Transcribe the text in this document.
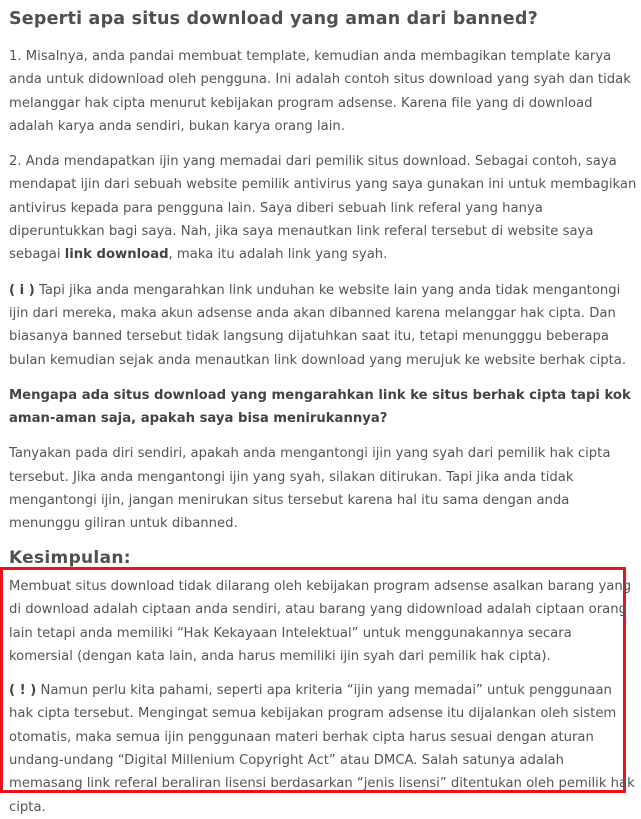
Seperti apa situs download yang aman dari banned?

1. Misalnya, anda pandai membuat template, kemudian anda membagikan template karya anda untuk didownload oleh pengguna. Ini adalah contoh situs download yang syah dan tidak melanggar hak cipta menurut kebijakan program adsense. Karena file yang di download adalah karya anda sendiri, bukan karya orang lain.

2. Anda mendapatkan ijin yang memadai dari pemilik situs download. Sebagai contoh, saya mendapat ijin dari sebuah website pemilik antivirus yang saya gunakan ini untuk membagikan antivirus kepada para pengguna lain. Saya diberi sebuah link referal yang hanya diperuntukkan bagi saya. Nah, jika saya menautkan link referal tersebut di website saya sebagai link download, maka itu adalah link yang syah.

( i ) Tapi jika anda mengarahkan link unduhan ke website lain yang anda tidak mengantongi ijin dari mereka, maka akun adsense anda akan dibanned karena melanggar hak cipta. Dan biasanya banned tersebut tidak langsung dijatuhkan saat itu, tetapi menungggu beberapa bulan kemudian sejak anda menautkan link download yang merujuk ke website berhak cipta.

Mengapa ada situs download yang mengarahkan link ke situs berhak cipta tapi kok aman-aman saja, apakah saya bisa menirukannya?

Tanyakan pada diri sendiri, apakah anda mengantongi ijin yang syah dari pemilik hak cipta tersebut. Jika anda mengantongi ijin yang syah, silakan ditirukan. Tapi jika anda tidak mengantongi ijin, jangan menirukan situs tersebut karena hal itu sama dengan anda menunggu giliran untuk dibanned.

Kesimpulan:

Membuat situs download tidak dilarang oleh kebijakan program adsense asalkan barang yang di download adalah ciptaan anda sendiri, atau barang yang didownload adalah ciptaan orang lain tetapi anda memiliki “Hak Kekayaan Intelektual” untuk menggunakannya secara komersial (dengan kata lain, anda harus memiliki ijin syah dari pemilik hak cipta).

( ! ) Namun perlu kita pahami, seperti apa kriteria “ijin yang memadai” untuk penggunaan hak cipta tersebut. Mengingat semua kebijakan program adsense itu dijalankan oleh sistem otomatis, maka semua ijin penggunaan materi berhak cipta harus sesuai dengan aturan undang-undang “Digital Millenium Copyright Act” atau DMCA. Salah satunya adalah memasang link referal beraliran lisensi berdasarkan “jenis lisensi” ditentukan oleh pemilik hak cipta.
